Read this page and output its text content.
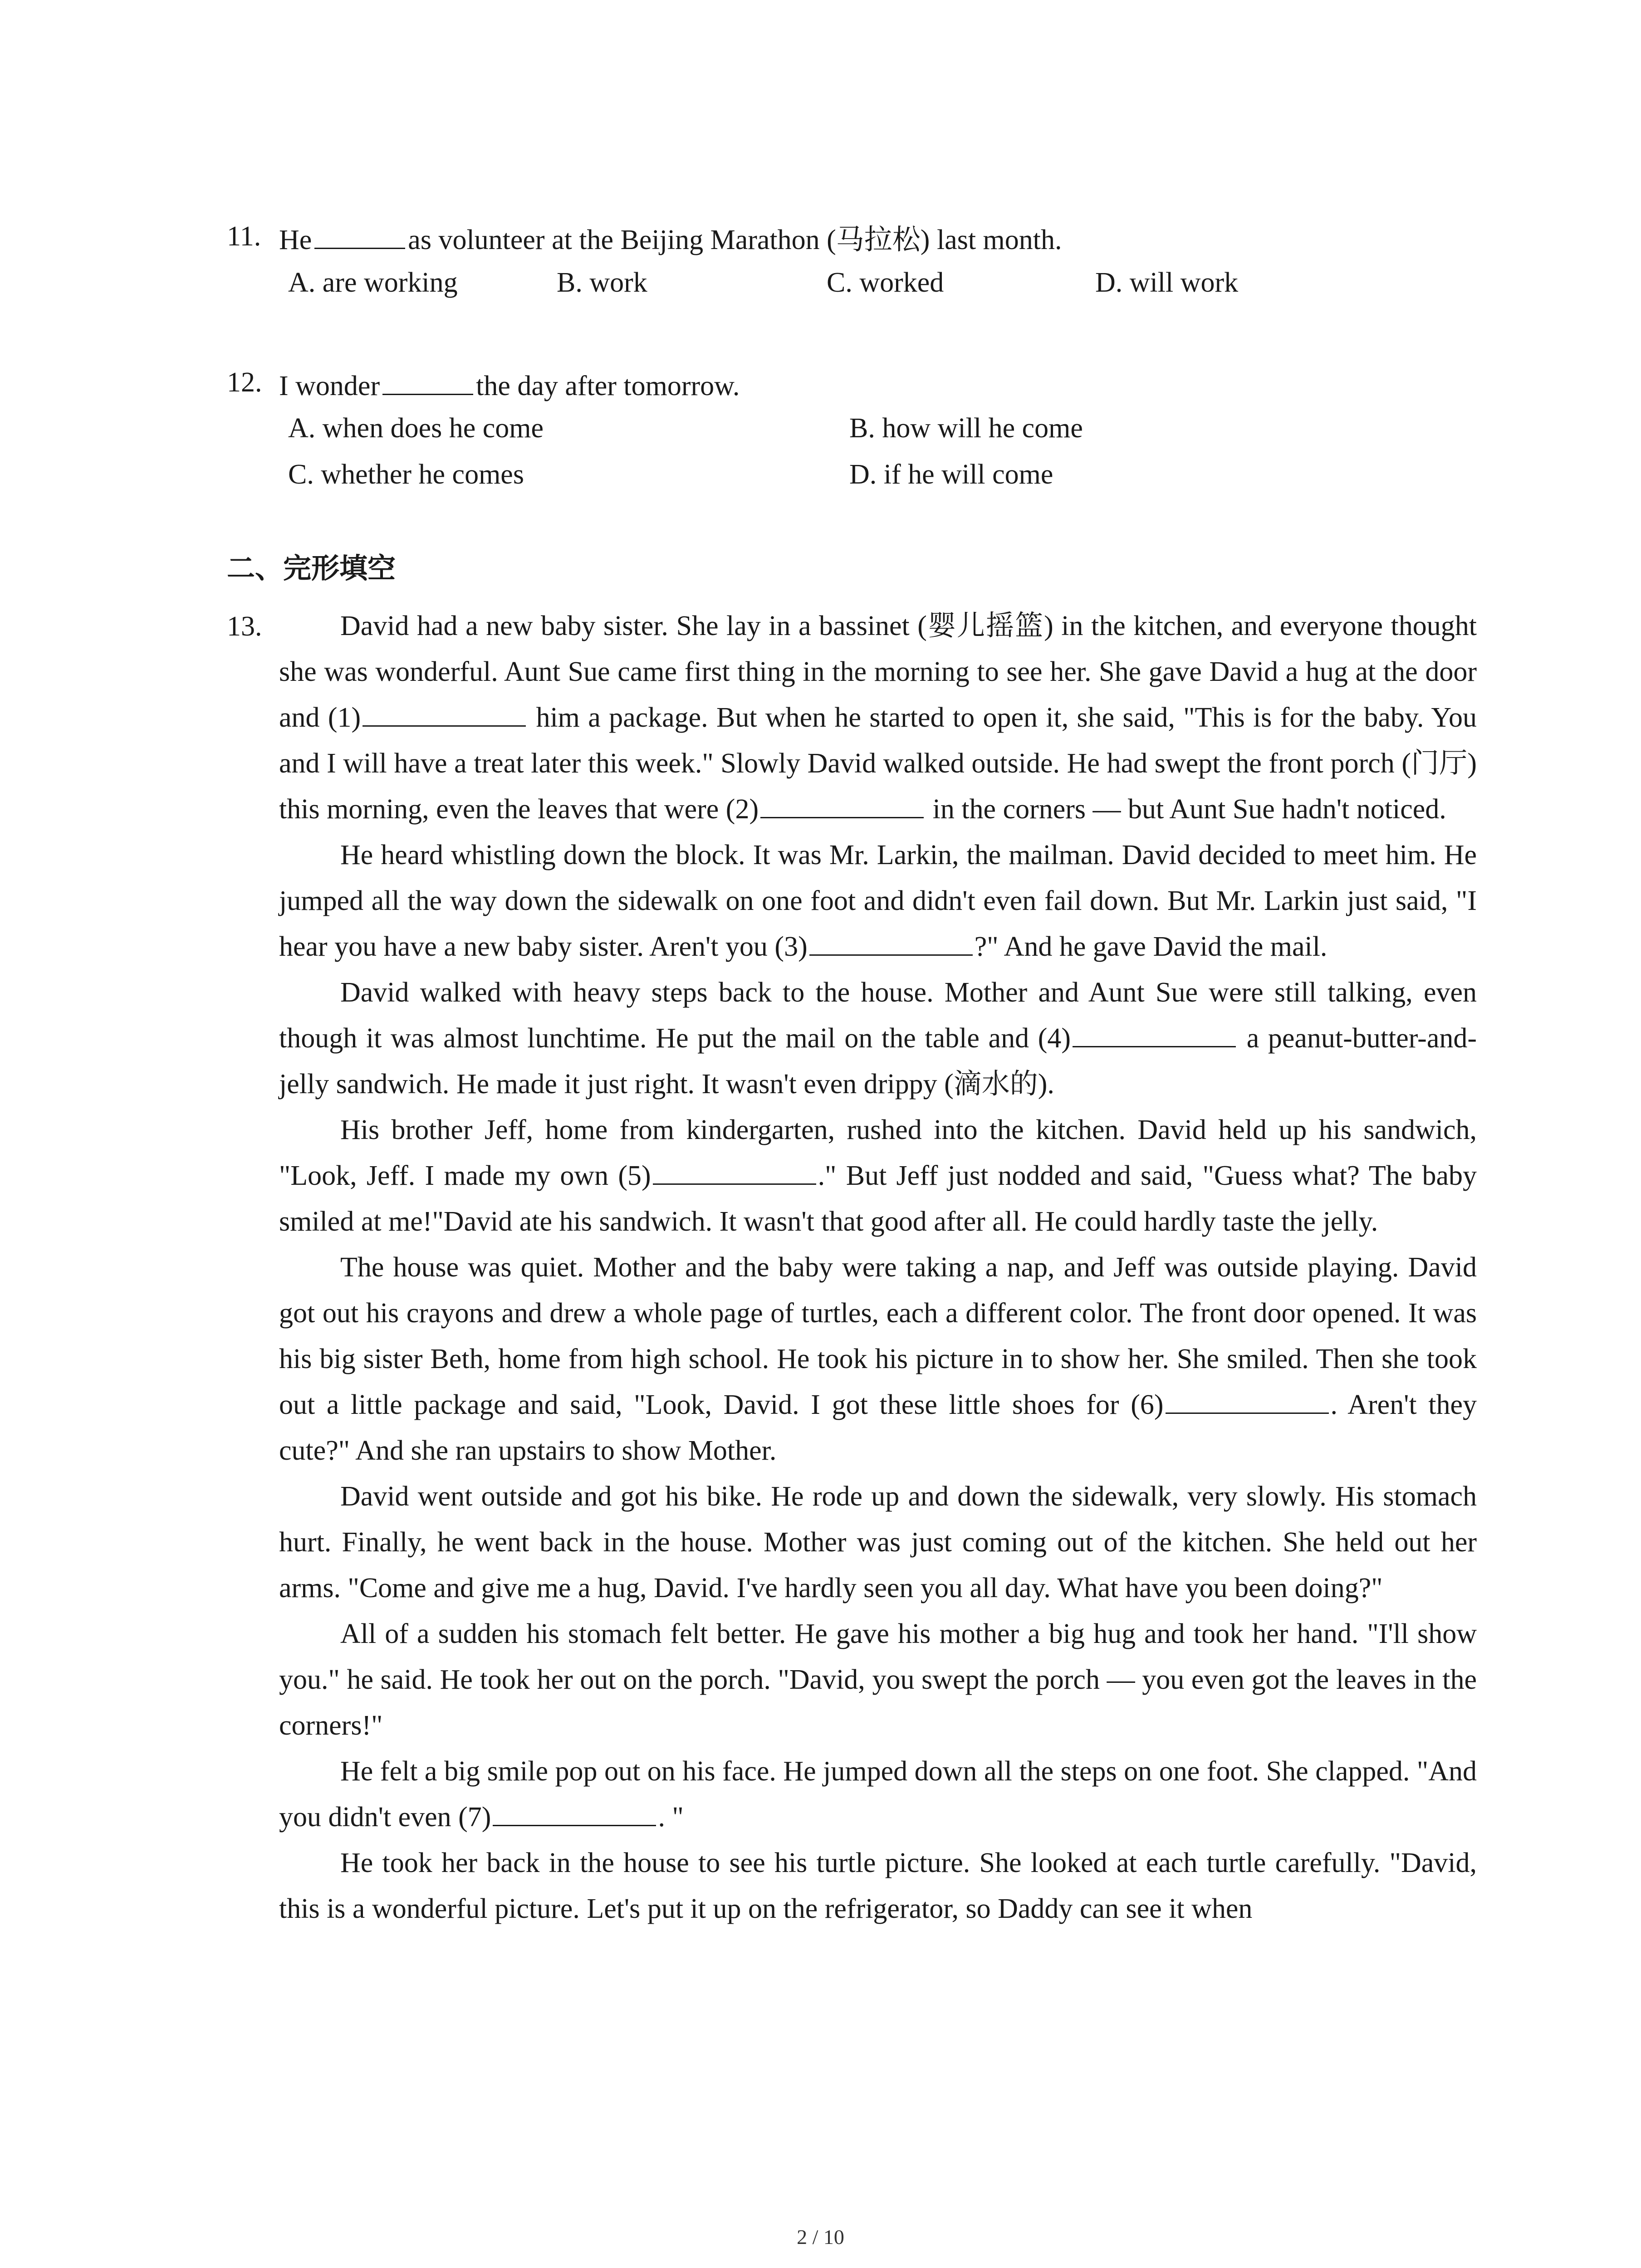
11. He	as volunteer at the Beijing Marathon (马拉松) last month.
A. are working	B. work	C. worked	D. will work
12. I wonder	the day after tomorrow.
A. when does he come	B. how will he come
C. whether he comes	D. if he will come
二、完形填空
13.	David had a new baby sister. She lay in a bassinet (婴儿摇篮) in the kitchen, and everyone thought she was wonderful. Aunt Sue came first thing in the morning to see her. She gave David a hug at the door and (1)	him a package. But when he started to open it, she said, "This is for the baby. You and I will have a treat later this week." Slowly David walked outside. He had swept the front porch (门厅) this morning, even the leaves that were (2)	in the corners — but Aunt Sue hadn't noticed.

He heard whistling down the block. It was Mr. Larkin, the mailman. David decided to meet him. He jumped all the way down the sidewalk on one foot and didn't even fail down. But Mr. Larkin just said, "I hear you have a new baby sister. Aren't you (3)	?" And he gave David the mail.

David walked with heavy steps back to the house. Mother and Aunt Sue were still talking, even though it was almost lunchtime. He put the mail on the table and (4)	a peanut-butter-and-jelly sandwich. He made it just right. It wasn't even drippy (滴水的).

His brother Jeff, home from kindergarten, rushed into the kitchen. David held up his sandwich, "Look, Jeff. I made my own (5)	." But Jeff just nodded and said, "Guess what? The baby smiled at me!"David ate his sandwich. It wasn't that good after all. He could hardly taste the jelly.

The house was quiet. Mother and the baby were taking a nap, and Jeff was outside playing. David got out his crayons and drew a whole page of turtles, each a different color. The front door opened. It was his big sister Beth, home from high school. He took his picture in to show her. She smiled. Then she took out a little package and said, "Look, David. I got these little shoes for (6)	. Aren't they cute?" And she ran upstairs to show Mother.

David went outside and got his bike. He rode up and down the sidewalk, very slowly. His stomach hurt. Finally, he went back in the house. Mother was just coming out of the kitchen. She held out her arms. "Come and give me a hug, David. I've hardly seen you all day. What have you been doing?"

All of a sudden his stomach felt better. He gave his mother a big hug and took her hand. "I'll show you." he said. He took her out on the porch. "David, you swept the porch — you even got the leaves in the corners!"

He felt a big smile pop out on his face. He jumped down all the steps on one foot. She clapped. "And you didn't even (7)	. "

He took her back in the house to see his turtle picture. She looked at each turtle carefully. "David, this is a wonderful picture. Let's put it up on the refrigerator, so Daddy can see it when

2 / 10
